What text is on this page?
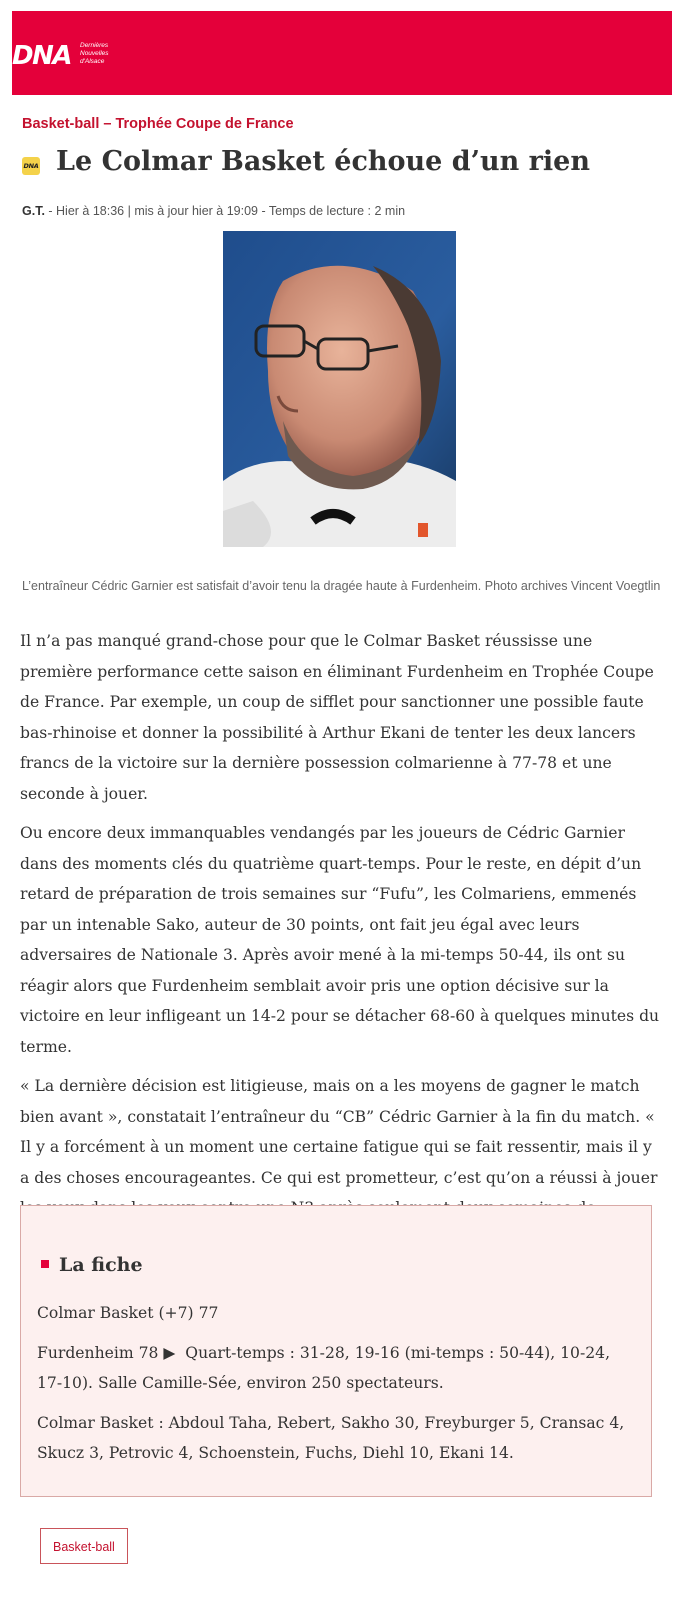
DNA Dernières
Nouvelles
d'Alsace
Basket-ball – Trophée Coupe de France
DNA Le Colmar Basket échoue d’un rien
G.T. - Hier à 18:36 | mis à jour hier à 19:09 - Temps de lecture : 2 min
L’entraîneur Cédric Garnier est satisfait d’avoir tenu la dragée haute à Furdenheim. Photo archives Vincent Voegtlin

Il n’a pas manqué grand-chose pour que le Colmar Basket réussisse une première performance cette saison en éliminant Furdenheim en Trophée Coupe de France. Par exemple, un coup de sifflet pour sanctionner une possible faute bas-rhinoise et donner la possibilité à Arthur Ekani de tenter les deux lancers francs de la victoire sur la dernière possession colmarienne à 77-78 et une seconde à jouer.

Ou encore deux immanquables vendangés par les joueurs de Cédric Garnier dans des moments clés du quatrième quart-temps. Pour le reste, en dépit d’un retard de préparation de trois semaines sur “Fufu”, les Colmariens, emmenés par un intenable Sako, auteur de 30 points, ont fait jeu égal avec leurs adversaires de Nationale 3. Après avoir mené à la mi-temps 50-44, ils ont su réagir alors que Furdenheim semblait avoir pris une option décisive sur la victoire en leur infligeant un 14-2 pour se détacher 68-60 à quelques minutes du terme.

« La dernière décision est litigieuse, mais on a les moyens de gagner le match bien avant », constatait l’entraîneur du “CB” Cédric Garnier à la fin du match. « Il y a forcément à un moment une certaine fatigue qui se fait ressentir, mais il y a des choses encourageantes. Ce qui est prometteur, c’est qu’on a réussi à jouer

La fiche

Colmar Basket (+7) 77

Furdenheim 78 ▶ Quart-temps : 31-28, 19-16 (mi-temps : 50-44), 10-24, 17-10). Salle Camille-Sée, environ 250 spectateurs.

Colmar Basket : Abdoul Taha, Rebert, Sakho 30, Freyburger 5, Cransac 4, Skucz 3, Petrovic 4, Schoenstein, Fuchs, Diehl 10, Ekani 14.

Basket-ball
